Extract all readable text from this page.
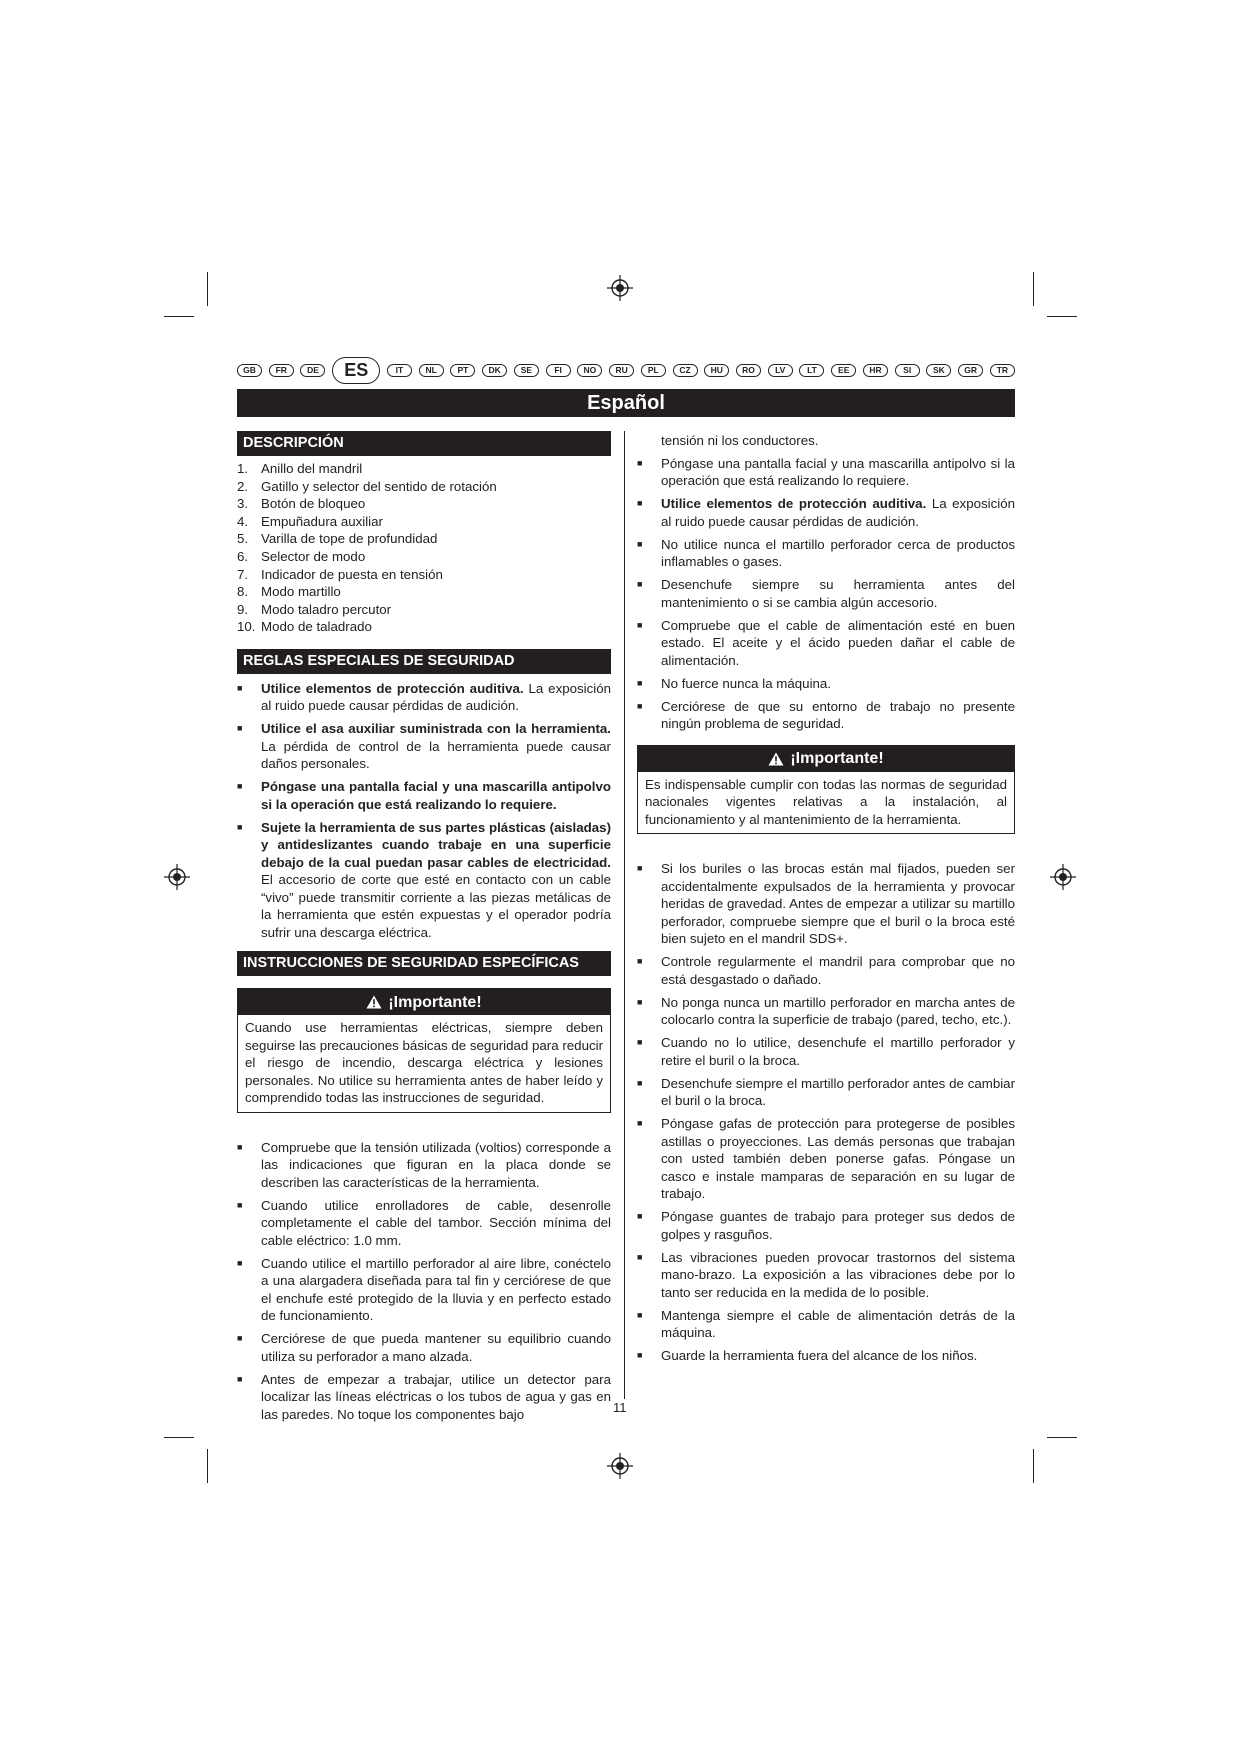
GB	FR	DE	ES	IT	NL	PT	DK	SE	FI	NO	RU	PL	CZ	HU	RO	LV	LT	EE	HR	SI	SK	GR	TR
Español
DESCRIPCIÓN
1. Anillo del mandril
2. Gatillo y selector del sentido de rotación
3. Botón de bloqueo
4. Empuñadura auxiliar
5. Varilla de tope de profundidad
6. Selector de modo
7. Indicador de puesta en tensión
8. Modo martillo
9. Modo taladro percutor
10. Modo de taladrado
REGLAS ESPECIALES DE SEGURIDAD
■	Utilice elementos de protección auditiva. La exposición al ruido puede causar pérdidas de audición.
■	Utilice el asa auxiliar suministrada con la herramienta. La pérdida de control de la herramienta puede causar daños personales.
■	Póngase una pantalla facial y una mascarilla antipolvo si la operación que está realizando lo requiere.
■	Sujete la herramienta de sus partes plásticas (aisladas) y antideslizantes cuando trabaje en una superficie debajo de la cual puedan pasar cables de electricidad. El accesorio de corte que esté en contacto con un cable “vivo” puede transmitir corriente a las piezas metálicas de la herramienta que estén expuestas y el operador podría sufrir una descarga eléctrica.
INSTRUCCIONES DE SEGURIDAD ESPECÍFICAS
¡Importante!
Cuando use herramientas eléctricas, siempre deben seguirse las precauciones básicas de seguridad para reducir el riesgo de incendio, descarga eléctrica y lesiones personales. No utilice su herramienta antes de haber leído y comprendido todas las instrucciones de seguridad.
■	Compruebe que la tensión utilizada (voltios) corresponde a las indicaciones que figuran en la placa donde se describen las características de la herramienta.
■	Cuando utilice enrolladores de cable, desenrolle completamente el cable del tambor. Sección mínima del cable eléctrico: 1.0 mm.
■	Cuando utilice el martillo perforador al aire libre, conéctelo a una alargadera diseñada para tal fin y cerciórese de que el enchufe esté protegido de la lluvia y en perfecto estado de funcionamiento.
■	Cerciórese de que pueda mantener su equilibrio cuando utiliza su perforador a mano alzada.
■	Antes de empezar a trabajar, utilice un detector para localizar las líneas eléctricas o los tubos de agua y gas en las paredes. No toque los componentes bajo
tensión ni los conductores.
■	Póngase una pantalla facial y una mascarilla antipolvo si la operación que está realizando lo requiere.
■	Utilice elementos de protección auditiva. La exposición al ruido puede causar pérdidas de audición.
■	No utilice nunca el martillo perforador cerca de productos inflamables o gases.
■	Desenchufe siempre su herramienta antes del mantenimiento o si se cambia algún accesorio.
■	Compruebe que el cable de alimentación esté en buen estado. El aceite y el ácido pueden dañar el cable de alimentación.
■	No fuerce nunca la máquina.
■	Cerciórese de que su entorno de trabajo no presente ningún problema de seguridad.
¡Importante!
Es indispensable cumplir con todas las normas de seguridad nacionales vigentes relativas a la instalación, al funcionamiento y al mantenimiento de la herramienta.
■	Si los buriles o las brocas están mal fijados, pueden ser accidentalmente expulsados de la herramienta y provocar heridas de gravedad. Antes de empezar a utilizar su martillo perforador, compruebe siempre que el buril o la broca esté bien sujeto en el mandril SDS+.
■	Controle regularmente el mandril para comprobar que no está desgastado o dañado.
■	No ponga nunca un martillo perforador en marcha antes de colocarlo contra la superficie de trabajo (pared, techo, etc.).
■	Cuando no lo utilice, desenchufe el martillo perforador y retire el buril o la broca.
■	Desenchufe siempre el martillo perforador antes de cambiar el buril o la broca.
■	Póngase gafas de protección para protegerse de posibles astillas o proyecciones. Las demás personas que trabajan con usted también deben ponerse gafas. Póngase un casco e instale mamparas de separación en su lugar de trabajo.
■	Póngase guantes de trabajo para proteger sus dedos de golpes y rasguños.
■	Las vibraciones pueden provocar trastornos del sistema mano-brazo. La exposición a las vibraciones debe por lo tanto ser reducida en la medida de lo posible.
■	Mantenga siempre el cable de alimentación detrás de la máquina.
■	Guarde la herramienta fuera del alcance de los niños.
11
